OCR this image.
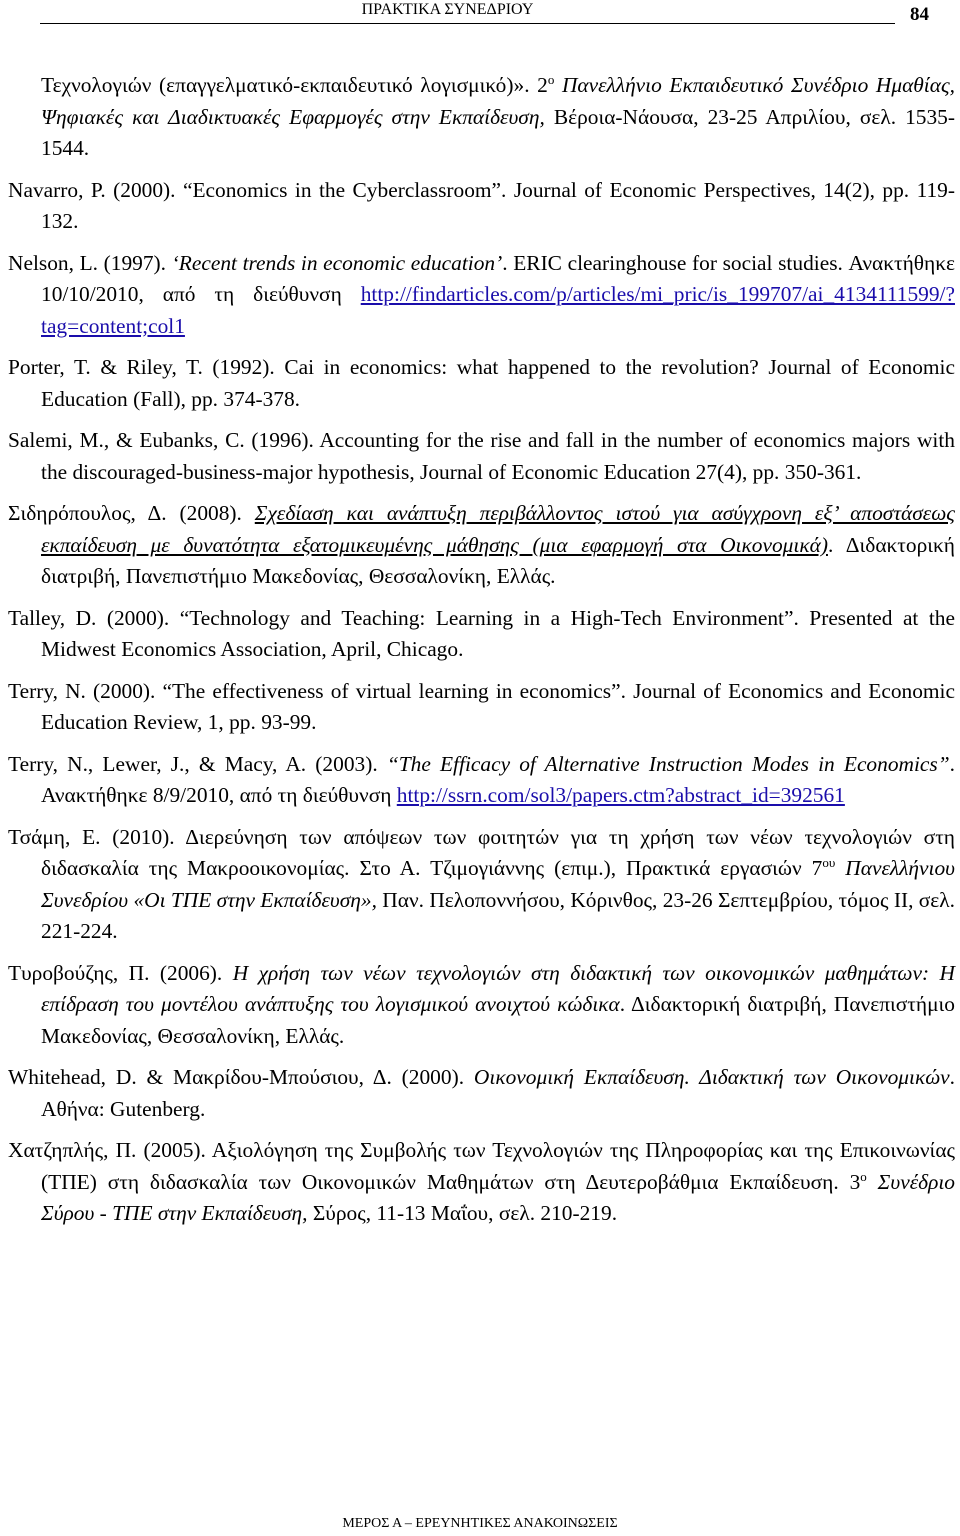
ΠΡΑΚΤΙΚΑ ΣΥΝΕΔΡΙΟΥ	84

Τεχνολογιών (επαγγελματικό-εκπαιδευτικό λογισμικό)». $2^o$ Πανελλήνιο Εκπαιδευτικό Συνέδριο Ημαθίας, Ψηφιακές και Διαδικτυακές Εφαρμογές στην Εκπαίδευση, Βέροια-Νάουσα, 23-25 Απριλίου, σελ. 1535-1544.

Navarro, P. (2000). “Economics in the Cyberclassroom”. Journal of Economic Perspectives, 14(2), pp. 119-132.

Nelson, L. (1997). ‘Recent trends in economic education’. ERIC clearinghouse for social studies. Ανακτήθηκε 10/10/2010, από τη διεύθυνση http://findarticles.com/p/articles/mi_pric/is_199707/ai_4134111599/?tag=content;col1

Porter, T. & Riley, T. (1992). Cai in economics: what happened to the revolution? Journal of Economic Education (Fall), pp. 374-378.

Salemi, M., & Eubanks, C. (1996). Accounting for the rise and fall in the number of economics majors with the discouraged-business-major hypothesis, Journal of Economic Education 27(4), pp. 350-361.

Σιδηρόπουλος, Δ. (2008). Σχεδίαση και ανάπτυξη περιβάλλοντος ιστού για ασύγχρονη εξ’ αποστάσεως εκπαίδευση με δυνατότητα εξατομικευμένης μάθησης (μια εφαρμογή στα Οικονομικά). Διδακτορική διατριβή, Πανεπιστήμιο Μακεδονίας, Θεσσαλονίκη, Ελλάς.

Talley, D. (2000). “Technology and Teaching: Learning in a High-Tech Environment”. Presented at the Midwest Economics Association, April, Chicago.

Terry, N. (2000). “The effectiveness of virtual learning in economics”. Journal of Economics and Economic Education Review, 1, pp. 93-99.

Terry, N., Lewer, J., & Macy, A. (2003). “The Efficacy of Alternative Instruction Modes in Economics”. Ανακτήθηκε 8/9/2010, από τη διεύθυνση http://ssrn.com/sol3/papers.ctm?abstract_id=392561

Τσάμη, Ε. (2010). Διερεύνηση των απόψεων των φοιτητών για τη χρήση των νέων τεχνολογιών στη διδασκαλία της Μακροοικονομίας. Στο Α. Τζιμογιάννης (επιμ.), Πρακτικά εργασιών $7^{o\upsilon}$ Πανελλήνιου Συνεδρίου «Οι ΤΠΕ στην Εκπαίδευση», Παν. Πελοποννήσου, Κόρινθος, 23-26 Σεπτεμβρίου, τόμος ΙΙ, σελ. 221-224.

Τυροβούζης, Π. (2006). Η χρήση των νέων τεχνολογιών στη διδακτική των οικονομικών μαθημάτων: Η επίδραση του μοντέλου ανάπτυξης του λογισμικού ανοιχτού κώδικα. Διδακτορική διατριβή, Πανεπιστήμιο Μακεδονίας, Θεσσαλονίκη, Ελλάς.

Whitehead, D. & Μακρίδου-Μπούσιου, Δ. (2000). Οικονομική Εκπαίδευση. Διδακτική των Οικονομικών. Αθήνα: Gutenberg.

Χατζηπλής, Π. (2005). Αξιολόγηση της Συμβολής των Τεχνολογιών της Πληροφορίας και της Επικοινωνίας (ΤΠΕ) στη διδασκαλία των Οικονομικών Μαθημάτων στη Δευτεροβάθμια Εκπαίδευση. $3^o$ Συνέδριο Σύρου - ΤΠΕ στην Εκπαίδευση, Σύρος, 11-13 Μαΐου, σελ. 210-219.

ΜΕΡΟΣ Α – ΕΡΕΥΝΗΤΙΚΕΣ ΑΝΑΚΟΙΝΩΣΕΙΣ
